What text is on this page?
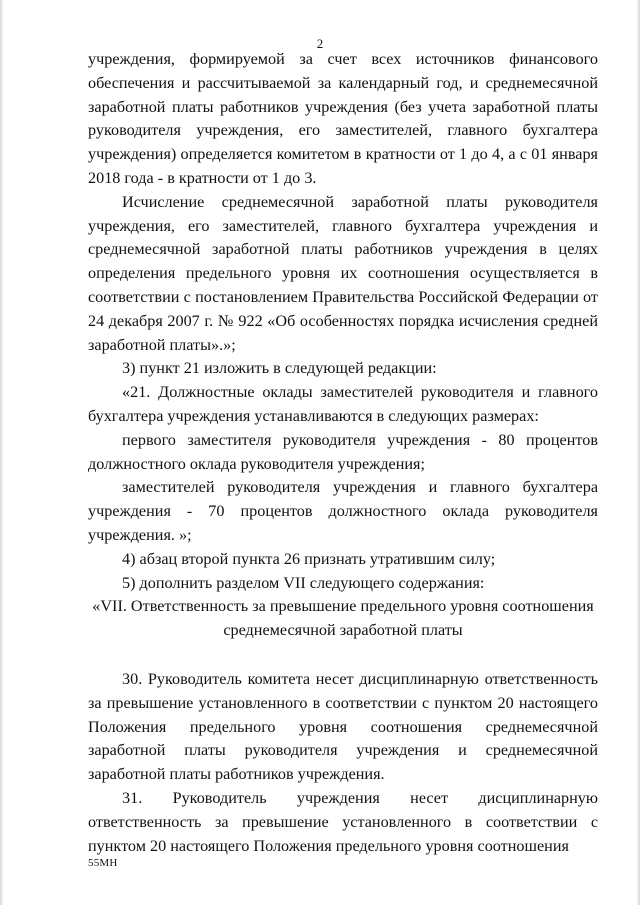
2

учреждения, формируемой за счет всех источников финансового обеспечения и рассчитываемой за календарный год, и среднемесячной заработной платы работников учреждения (без учета заработной платы руководителя учреждения, его заместителей, главного бухгалтера учреждения) определяется комитетом в кратности от 1 до 4, а с 01 января 2018 года - в кратности от 1 до 3.

Исчисление среднемесячной заработной платы руководителя учреждения, его заместителей, главного бухгалтера учреждения и среднемесячной заработной платы работников учреждения в целях определения предельного уровня их соотношения осуществляется в соответствии с постановлением Правительства Российской Федерации от 24 декабря 2007 г. № 922 «Об особенностях порядка исчисления средней заработной платы».»;

3) пункт 21 изложить в следующей редакции:

«21. Должностные оклады заместителей руководителя и главного бухгалтера учреждения устанавливаются в следующих размерах:

первого заместителя руководителя учреждения - 80 процентов должностного оклада руководителя учреждения;

заместителей руководителя учреждения и главного бухгалтера учреждения - 70 процентов должностного оклада руководителя учреждения. »;

4) абзац второй пункта 26 признать утратившим силу;

5) дополнить разделом VII следующего содержания:

«VII. Ответственность за превышение предельного уровня соотношения
среднемесячной заработной платы

30. Руководитель комитета несет дисциплинарную ответственность за превышение установленного в соответствии с пунктом 20 настоящего Положения предельного уровня соотношения среднемесячной заработной платы руководителя учреждения и среднемесячной заработной платы работников учреждения.

31. Руководитель учреждения несет дисциплинарную ответственность за превышение установленного в соответствии с пунктом 20 настоящего Положения предельного уровня соотношения

55МН
